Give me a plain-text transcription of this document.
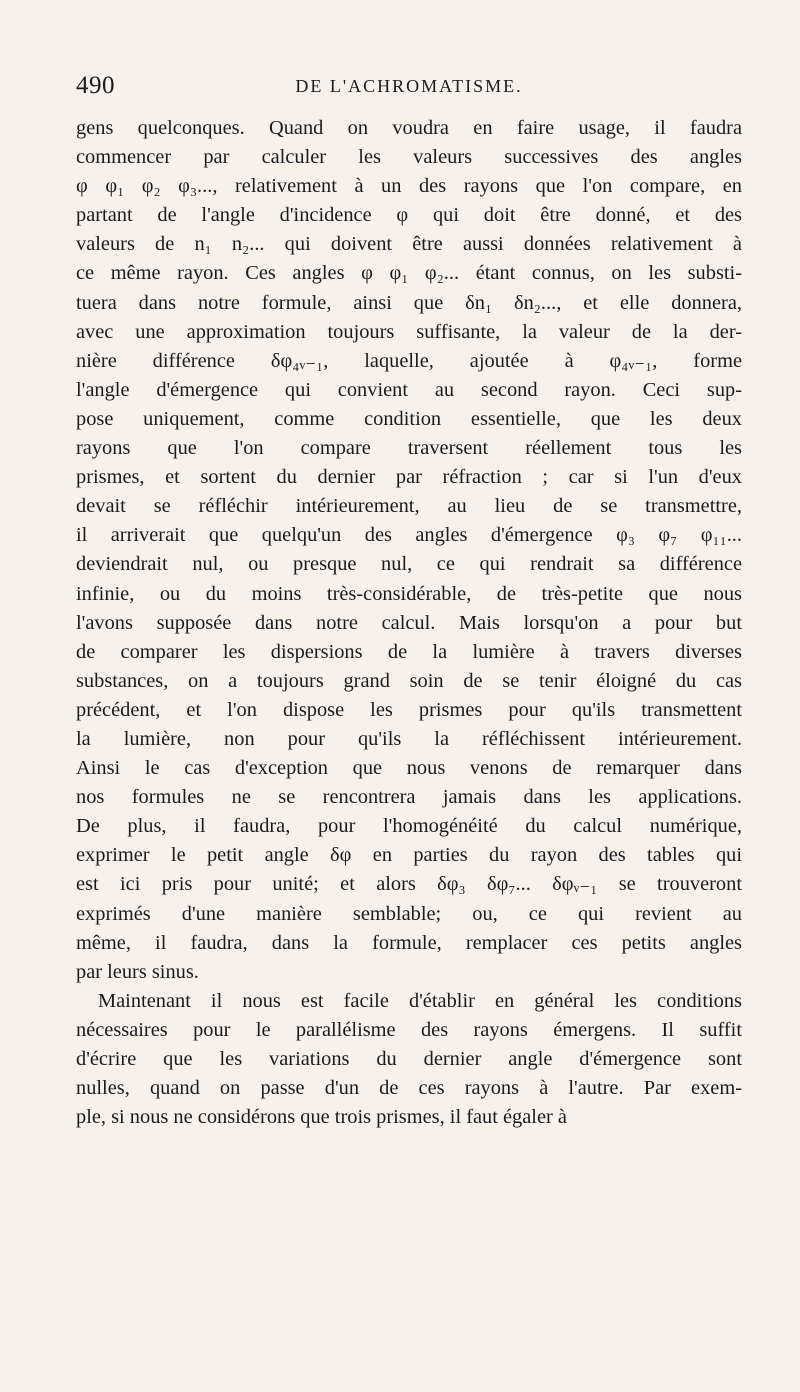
490	DE L'ACHROMATISME.
gens quelconques. Quand on voudra en faire usage, il faudra
commencer par calculer les valeurs successives des angles
φ φ₁ φ₂ φ₃..., relativement à un des rayons que l'on compare, en
partant de l'angle d'incidence φ qui doit être donné, et des
valeurs de n₁ n₂... qui doivent être aussi données relativement à
ce même rayon. Ces angles φ φ₁ φ₂... étant connus, on les substi-
tuera dans notre formule, ainsi que δn₁ δn₂..., et elle donnera,
avec une approximation toujours suffisante, la valeur de la der-
nière différence δφ₄ᵥ₋₁, laquelle, ajoutée à φ₄ᵥ₋₁, forme
l'angle d'émergence qui convient au second rayon. Ceci sup-
pose uniquement, comme condition essentielle, que les deux
rayons que l'on compare traversent réellement tous les
prismes, et sortent du dernier par réfraction ; car si l'un d'eux
devait se réfléchir intérieurement, au lieu de se transmettre,
il arriverait que quelqu'un des angles d'émergence φ₃ φ₇ φ₁₁...
deviendrait nul, ou presque nul, ce qui rendrait sa différence
infinie, ou du moins très-considérable, de très-petite que nous
l'avons supposée dans notre calcul. Mais lorsqu'on a pour but
de comparer les dispersions de la lumière à travers diverses
substances, on a toujours grand soin de se tenir éloigné du cas
précédent, et l'on dispose les prismes pour qu'ils transmettent
la lumière, non pour qu'ils la réfléchissent intérieurement.
Ainsi le cas d'exception que nous venons de remarquer dans
nos formules ne se rencontrera jamais dans les applications.
De plus, il faudra, pour l'homogénéité du calcul numérique,
exprimer le petit angle δφ en parties du rayon des tables qui
est ici pris pour unité; et alors δφ₃ δφ₇... δφᵥ₋₁ se trouveront
exprimés d'une manière semblable; ou, ce qui revient au
même, il faudra, dans la formule, remplacer ces petits angles
par leurs sinus.
Maintenant il nous est facile d'établir en général les conditions
nécessaires pour le parallélisme des rayons émergens. Il suffit
d'écrire que les variations du dernier angle d'émergence sont
nulles, quand on passe d'un de ces rayons à l'autre. Par exem-
ple, si nous ne considérons que trois prismes, il faut égaler à
